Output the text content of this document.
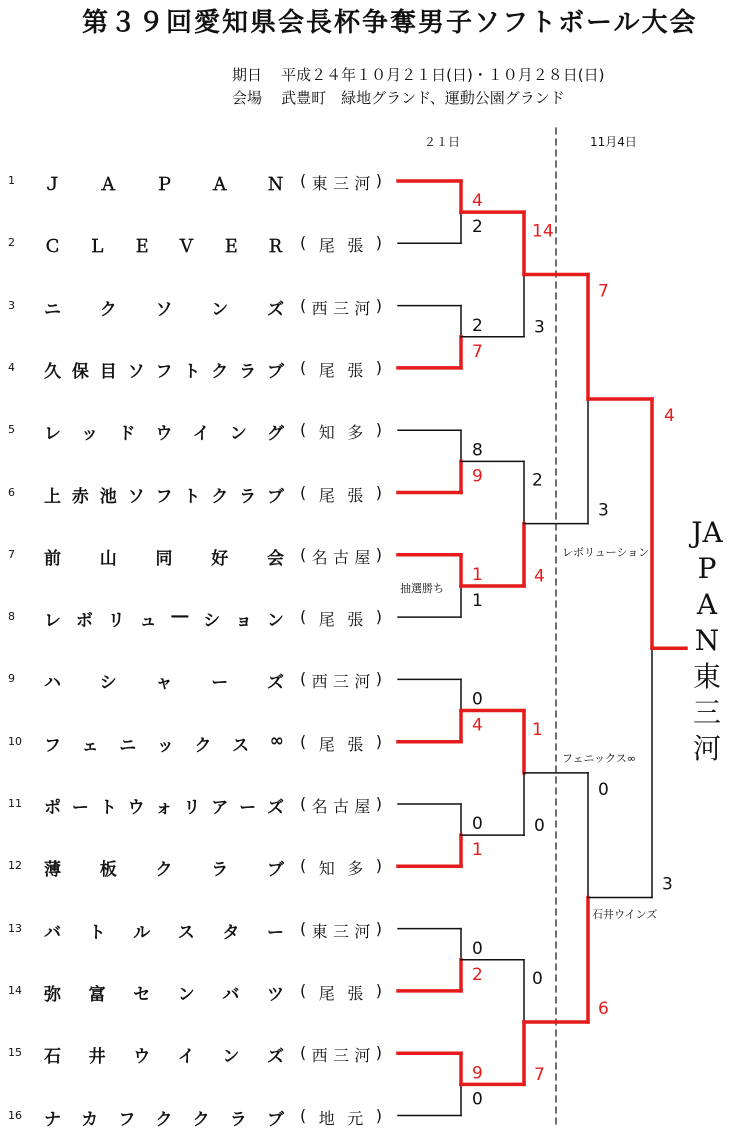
第３９回愛知県会長杯争奪男子ソフトボール大会
期日 平成２４年１０月２１日(日)・１０月２８日(日)
会場 武豊町　緑地グランド、運動公園グランド
２１日	11月4日
1	Ｊ Ａ Ｐ Ａ Ｎ ( 東 三 河 )
2	Ｃ Ｌ Ｅ Ｖ Ｅ Ｒ ( 尾 張 )
3	ニ ク ソ ン ズ ( 西 三 河 )
4	久 保 目 ソ フ ト ク ラ ブ ( 尾 張 )
5	レ ッ ド ウ イ ン グ ( 知 多 )
6	上 赤 池 ソ フ ト ク ラ ブ ( 尾 張 )
7	前 山 同 好 会 ( 名 古 屋 )
8	レ ボ リ ュ ― シ ョ ン ( 尾 張 )
9	ハ シ ャ ー ズ ( 西 三 河 )
10 フ ェ ニ ッ ク ス ∞ ( 尾 張 )
11 ポ ー ト ウ ォ リ ア ー ズ ( 名 古 屋 )
12 薄 板 ク ラ ブ ( 知 多 )
13 バ ト ル ス タ ー ( 東 三 河 )
14 弥 富 セ ン バ ツ ( 尾 張 )
15 石 井 ウ イ ン ズ ( 西 三 河 )
16 ナ カ フ ク ク ラ ブ ( 地 元 )
4
2
2
7
8
9
1
1
0
4
0
1
0
2
9
0
14
3
2
4
1
0
0
7
7
3
0
6
4
3
抽選勝ち
レボリューション
フェニックス∞
石井ウインズ
JAPAN東三河
